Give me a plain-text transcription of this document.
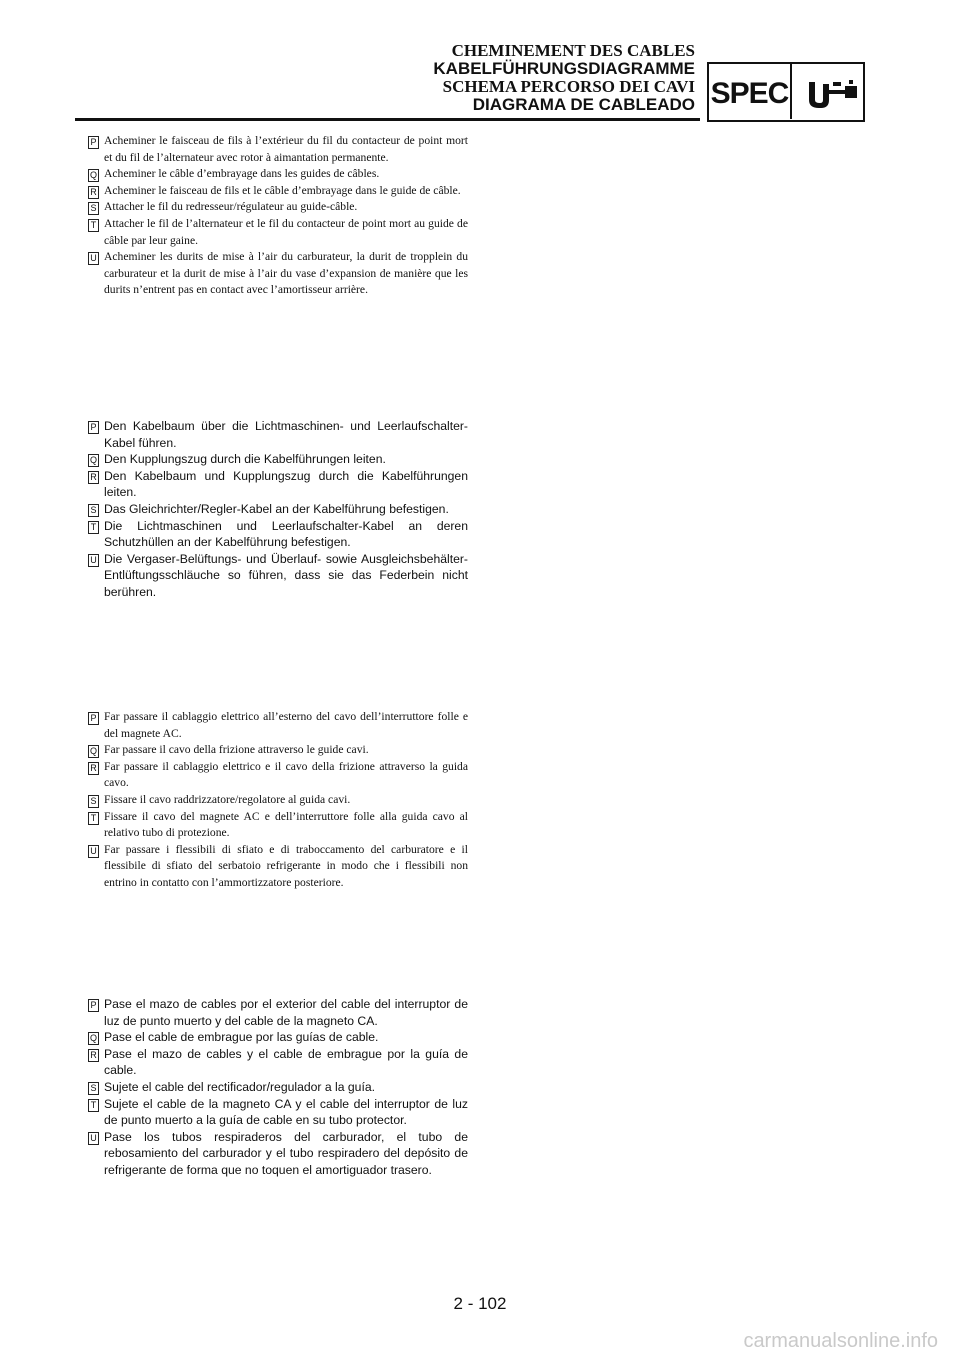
CHEMINEMENT DES CABLES
KABELFÜHRUNGSDIAGRAMME
SCHEMA PERCORSO DEI CAVI
DIAGRAMA DE CABLEADO SPEC
P Acheminer le faisceau de fils à l’extérieur du fil du contacteur de point mort et du fil de l’alternateur avec rotor à aimantation permanente.
Q Acheminer le câble d’embrayage dans les guides de câbles.
R Acheminer le faisceau de fils et le câble d’embrayage dans le guide de câble.
S Attacher le fil du redresseur/régulateur au guide-câble.
T Attacher le fil de l’alternateur et le fil du contacteur de point mort au guide de câble par leur gaine.
U Acheminer les durits de mise à l’air du carburateur, la durit de tropplein du carburateur et la durit de mise à l’air du vase d’expansion de manière que les durits n’entrent pas en contact avec l’amortisseur arrière.
P Den Kabelbaum über die Lichtmaschinen- und Leerlaufschalter-Kabel führen.
Q Den Kupplungszug durch die Kabelführungen leiten.
R Den Kabelbaum und Kupplungszug durch die Kabelführungen leiten.
S Das Gleichrichter/Regler-Kabel an der Kabelführung befestigen.
T Die Lichtmaschinen und Leerlaufschalter-Kabel an deren Schutzhüllen an der Kabelführung befestigen.
U Die Vergaser-Belüftungs- und Überlauf- sowie Ausgleichsbehälter-Entlüftungsschläuche so führen, dass sie das Federbein nicht berühren.
P Far passare il cablaggio elettrico all’esterno del cavo dell’interruttore folle e del magnete AC.
Q Far passare il cavo della frizione attraverso le guide cavi.
R Far passare il cablaggio elettrico e il cavo della frizione attraverso la guida cavo.
S Fissare il cavo raddrizzatore/regolatore al guida cavi.
T Fissare il cavo del magnete AC e dell’interruttore folle alla guida cavo al relativo tubo di protezione.
U Far passare i flessibili di sfiato e di traboccamento del carburatore e il flessibile di sfiato del serbatoio refrigerante in modo che i flessibili non entrino in contatto con l’ammortizzatore posteriore.
P Pase el mazo de cables por el exterior del cable del interruptor de luz de punto muerto y del cable de la magneto CA.
Q Pase el cable de embrague por las guías de cable.
R Pase el mazo de cables y el cable de embrague por la guía de cable.
S Sujete el cable del rectificador/regulador a la guía.
T Sujete el cable de la magneto CA y el cable del interruptor de luz de punto muerto a la guía de cable en su tubo protector.
U Pase los tubos respiraderos del carburador, el tubo de rebosamiento del carburador y el tubo respiradero del depósito de refrigerante de forma que no toquen el amortiguador trasero.
2 - 102
carmanualsonline.info
